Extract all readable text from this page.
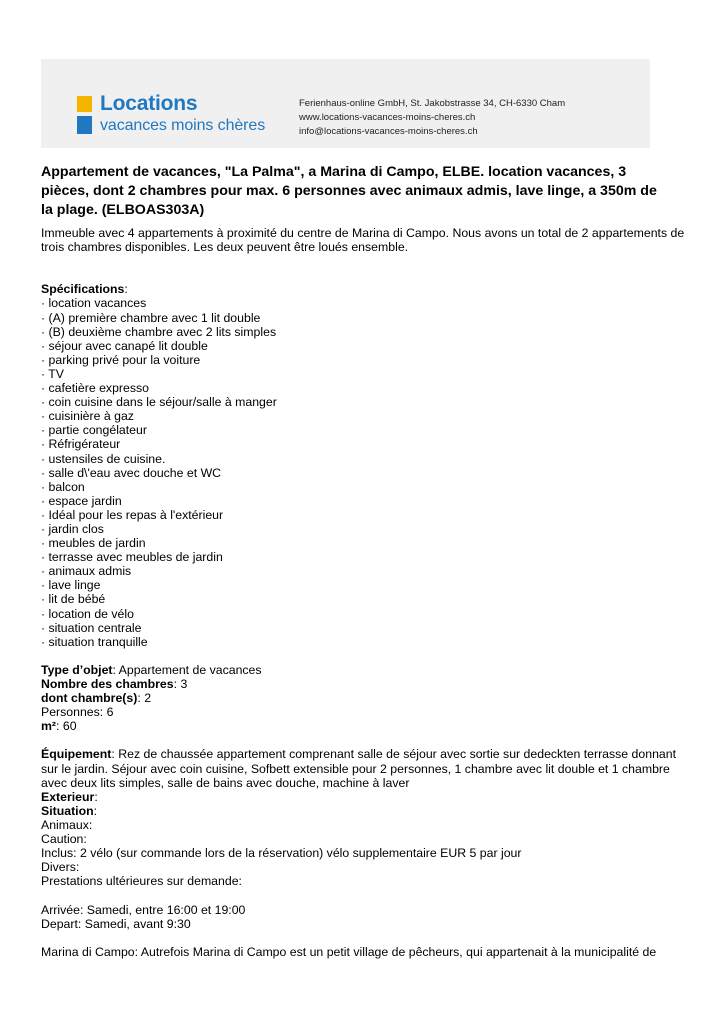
Locations
vacances moins chères
Ferienhaus-online GmbH, St. Jakobstrasse 34, CH-6330 Cham
www.locations-vacances-moins-cheres.ch
info@locations-vacances-moins-cheres.ch
Appartement de vacances, "La Palma", a Marina di Campo, ELBE. location vacances, 3 pièces, dont 2 chambres pour max. 6 personnes avec animaux admis, lave linge, a 350m de la plage. (ELBOAS303A)

Immeuble avec 4 appartements à proximité du centre de Marina di Campo. Nous avons un total de 2 appartements de trois chambres disponibles. Les deux peuvent être loués ensemble.

Spécifications:

· location vacances

· (A) première chambre avec 1 lit double

· (B) deuxième chambre avec 2 lits simples

· séjour avec canapé lit double

· parking privé pour la voiture

· TV

· cafetière expresso

· coin cuisine dans le séjour/salle à manger

· cuisinière à gaz

· partie congélateur

· Réfrigérateur

· ustensiles de cuisine.

· salle d\'eau avec douche et WC

· balcon

· espace jardin

· Idéal pour les repas à l'extérieur

· jardin clos

· meubles de jardin

· terrasse avec meubles de jardin

· animaux admis

· lave linge

· lit de bébé

· location de vélo

· situation centrale

· situation tranquille

Type d’objet: Appartement de vacances

Nombre des chambres: 3

dont chambre(s): 2

Personnes: 6

m²: 60

Équipement: Rez de chaussée appartement comprenant salle de séjour avec sortie sur dedeckten terrasse donnant sur le jardin. Séjour avec coin cuisine, Sofbett extensible pour 2 personnes, 1 chambre avec lit double et 1 chambre avec deux lits simples, salle de bains avec douche, machine à laver

Exterieur:

Situation:

Animaux:

Caution:

Inclus: 2 vélo (sur commande lors de la réservation) vélo supplementaire EUR 5 par jour

Divers:

Prestations ultérieures sur demande:

Arrivée: Samedi, entre 16:00 et 19:00

Depart: Samedi, avant 9:30

Marina di Campo: Autrefois Marina di Campo est un petit village de pêcheurs, qui appartenait à la municipalité de
